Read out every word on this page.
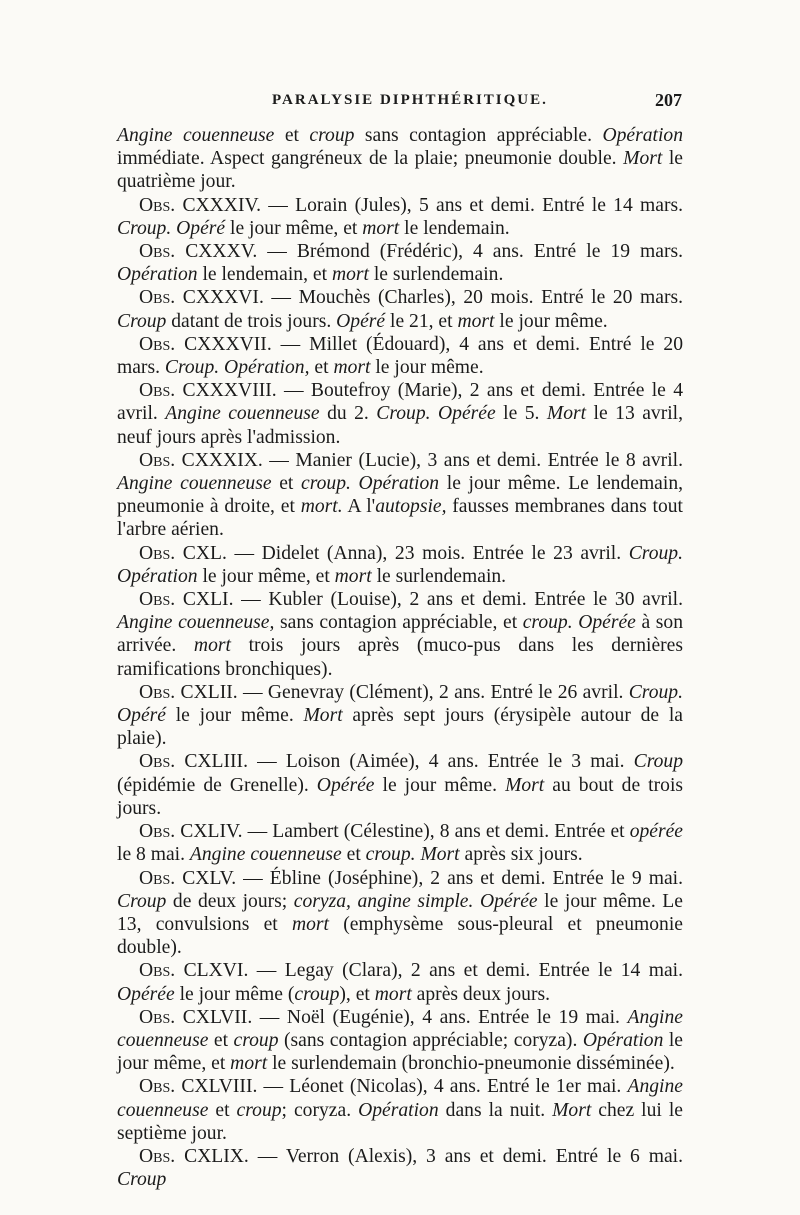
PARALYSIE DIPHTHÉRITIQUE.	207

Angine couenneuse et croup sans contagion appréciable. Opération immédiate. Aspect gangréneux de la plaie; pneumonie double. Mort le quatrième jour.

Obs. CXXXIV. — Lorain (Jules), 5 ans et demi. Entré le 14 mars. Croup. Opéré le jour même, et mort le lendemain.

Obs. CXXXV. — Brémond (Frédéric), 4 ans. Entré le 19 mars. Opération le lendemain, et mort le surlendemain.

Obs. CXXXVI. — Mouchès (Charles), 20 mois. Entré le 20 mars. Croup datant de trois jours. Opéré le 21, et mort le jour même.

Obs. CXXXVII. — Millet (Édouard), 4 ans et demi. Entré le 20 mars. Croup. Opération, et mort le jour même.

Obs. CXXXVIII. — Boutefroy (Marie), 2 ans et demi. Entrée le 4 avril. Angine couenneuse du 2. Croup. Opérée le 5. Mort le 13 avril, neuf jours après l'admission.

Obs. CXXXIX. — Manier (Lucie), 3 ans et demi. Entrée le 8 avril. Angine couenneuse et croup. Opération le jour même. Le lendemain, pneumonie à droite, et mort. A l'autopsie, fausses membranes dans tout l'arbre aérien.

Obs. CXL. — Didelet (Anna), 23 mois. Entrée le 23 avril. Croup. Opération le jour même, et mort le surlendemain.

Obs. CXLI. — Kubler (Louise), 2 ans et demi. Entrée le 30 avril. Angine couenneuse, sans contagion appréciable, et croup. Opérée à son arrivée. mort trois jours après (muco-pus dans les dernières ramifications bronchiques).

Obs. CXLII. — Genevray (Clément), 2 ans. Entré le 26 avril. Croup. Opéré le jour même. Mort après sept jours (érysipèle autour de la plaie).

Obs. CXLIII. — Loison (Aimée), 4 ans. Entrée le 3 mai. Croup (épidémie de Grenelle). Opérée le jour même. Mort au bout de trois jours.

Obs. CXLIV. — Lambert (Célestine), 8 ans et demi. Entrée et opérée le 8 mai. Angine couenneuse et croup. Mort après six jours.

Obs. CXLV. — Ébline (Joséphine), 2 ans et demi. Entrée le 9 mai. Croup de deux jours; coryza, angine simple. Opérée le jour même. Le 13, convulsions et mort (emphysème sous-pleural et pneumonie double).

Obs. CLXVI. — Legay (Clara), 2 ans et demi. Entrée le 14 mai. Opérée le jour même (croup), et mort après deux jours.

Obs. CXLVII. — Noël (Eugénie), 4 ans. Entrée le 19 mai. Angine couenneuse et croup (sans contagion appréciable; coryza). Opération le jour même, et mort le surlendemain (bronchio-pneumonie disséminée).

Obs. CXLVIII. — Léonet (Nicolas), 4 ans. Entré le 1er mai. Angine couenneuse et croup; coryza. Opération dans la nuit. Mort chez lui le septième jour.

Obs. CXLIX. — Verron (Alexis), 3 ans et demi. Entré le 6 mai. Croup
